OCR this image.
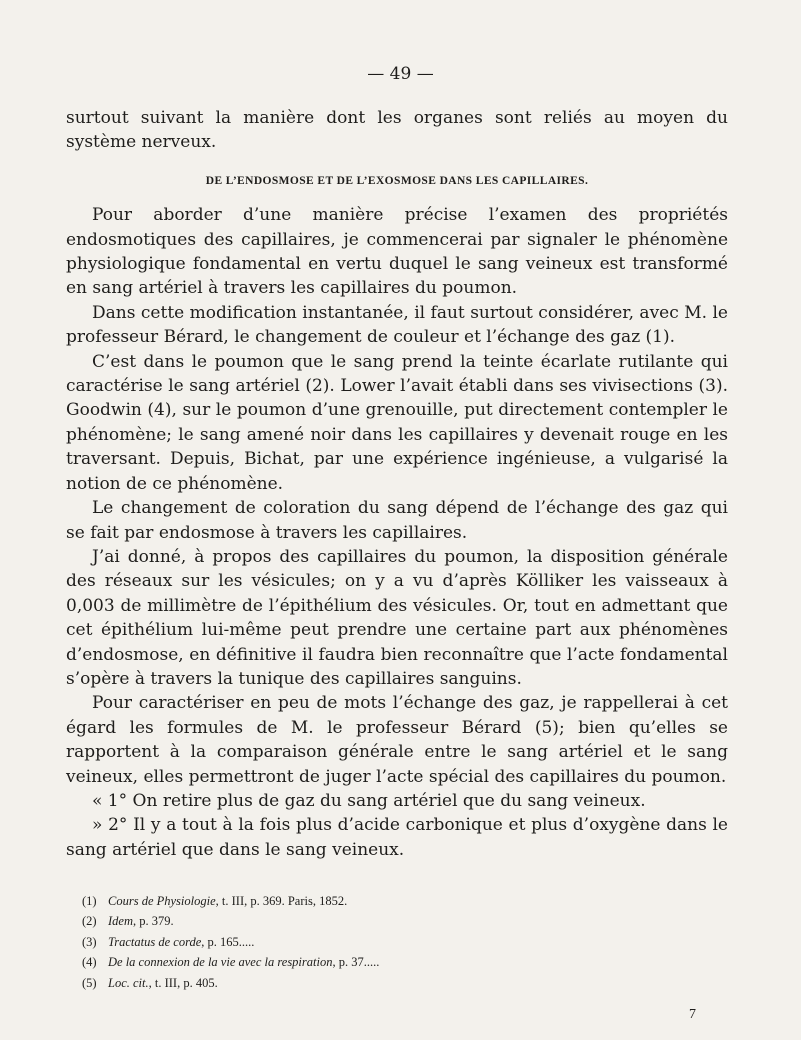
— 49 —

surtout suivant la manière dont les organes sont reliés au moyen du système nerveux.

DE L’ENDOSMOSE ET DE L’EXOSMOSE DANS LES CAPILLAIRES.

Pour aborder d’une manière précise l’examen des propriétés endosmotiques des capillaires, je commencerai par signaler le phénomène physiologique fondamental en vertu duquel le sang veineux est transformé en sang artériel à travers les capillaires du poumon.

Dans cette modification instantanée, il faut surtout considérer, avec M. le professeur Bérard, le changement de couleur et l’échange des gaz (1).

C’est dans le poumon que le sang prend la teinte écarlate rutilante qui caractérise le sang artériel (2). Lower l’avait établi dans ses vivisections (3). Goodwin (4), sur le poumon d’une grenouille, put directement contempler le phénomène; le sang amené noir dans les capillaires y devenait rouge en les traversant. Depuis, Bichat, par une expérience ingénieuse, a vulgarisé la notion de ce phénomène.

Le changement de coloration du sang dépend de l’échange des gaz qui se fait par endosmose à travers les capillaires.

J’ai donné, à propos des capillaires du poumon, la disposition générale des réseaux sur les vésicules; on y a vu d’après Kölliker les vaisseaux à 0,003 de millimètre de l’épithélium des vésicules. Or, tout en admettant que cet épithélium lui-même peut prendre une certaine part aux phénomènes d’endosmose, en définitive il faudra bien reconnaître que l’acte fondamental s’opère à travers la tunique des capillaires sanguins.

Pour caractériser en peu de mots l’échange des gaz, je rappellerai à cet égard les formules de M. le professeur Bérard (5); bien qu’elles se rapportent à la comparaison générale entre le sang artériel et le sang veineux, elles permettront de juger l’acte spécial des capillaires du poumon.

« 1° On retire plus de gaz du sang artériel que du sang veineux.

» 2° Il y a tout à la fois plus d’acide carbonique et plus d’oxygène dans le sang artériel que dans le sang veineux.

(1) Cours de Physiologie, t. III, p. 369. Paris, 1852.
(2) Idem, p. 379.
(3) Tractatus de corde, p. 165.....
(4) De la connexion de la vie avec la respiration, p. 37.....
(5) Loc. cit., t. III, p. 405.
7
